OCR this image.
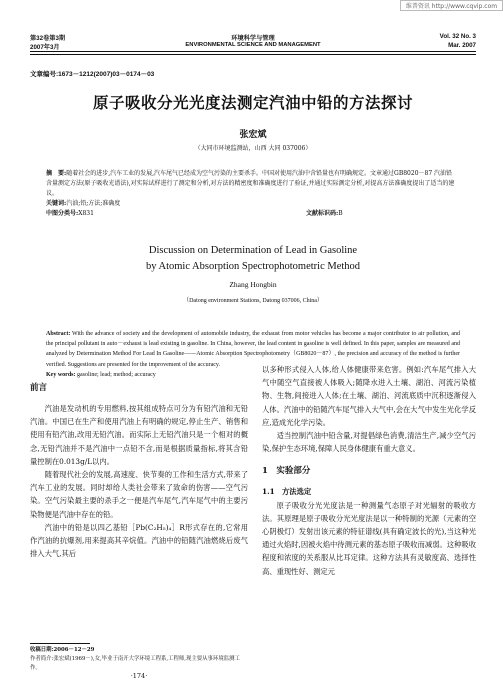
维普资讯 http://www.cqvip.com
第32卷第3期
2007年3月
环境科学与管理
ENVIRONMENTAL SCIENCE AND MANAGEMENT
Vol. 32 No. 3
Mar. 2007
文章编号:1673－1212(2007)03－0174－03
原子吸收分光光度法测定汽油中铅的方法探讨
张宏斌
（大同市环境监测站，山西 大同 037006）
摘　要:随着社会的进步,汽车工业的发展,汽车尾气已经成为空气污染的主要杀手。中国对使用汽油中含铅量也有明确规定。文章通过GB8020－87 汽油铅含量测定方法(原子吸收光谱法),对实际试样进行了测定和分析,对方法的精密度和准确度进行了验证,并通过实际测定分析,对提高方法准确度提出了适当的建议。
关键词:汽油;铅;方法;准确度
中图分类号:X831	文献标识码:B
Discussion on Determination of Lead in Gasoline
by Atomic Absorption Spectrophotometric Method
Zhang Hongbin
（Datong environment Stations, Datong 037006, China）
Abstract: With the advance of society and the development of automobile industry, the exhaust from motor vehicles has become a major contributor to air pollution, and the principal pollutant in auto－exhaust is lead existing in gasoline. In China, however, the lead content in gasoline is well defined. In this paper, samples are measured and analyzed by Determination Method For Lead In Gasoline——Atomic Absorption Spectrophotometry（GB8020－87）, the precision and accuracy of the method is further verified. Suggestions are presented for the improvement of the accuracy.
Key words: gasoline; lead; method; accuracy
前言

汽油是发动机的专用燃料,按其组成特点可分为有铅汽油和无铅汽油。中国已在生产和使用汽油上有明确的规定,停止生产、销售和使用有铅汽油,改用无铅汽油。而实际上无铅汽油只是一个相对的概念,无铅汽油并不是汽油中一点铅不含,而是根据质量指标,将其含铅量控制在0.013g/L以内。

随着现代社会的发展,高速度、快节奏的工作和生活方式,带来了汽车工业的发展。同时却给人类社会带来了致命的伤害——空气污染。空气污染最主要的杀手之一便是汽车尾气,汽车尾气中的主要污染物便是汽油中存在的铅。

汽油中的铅是以四乙基铅［Pb(C₂H₅)₄］R形式存在的,它常用作汽油的抗爆剂,用来提高其辛烷值。汽油中的铅随汽油燃烧后废气排入大气,其后

以多种形式侵入人体,给人体健康带来危害。例如:汽车尾气排入大气中随空气直接被人体吸入;随降水进入土壤、湖泊、河流污染植物、生物,间接进入人体;在土壤、湖泊、河流底质中沉积逐渐侵入人体。汽油中的铅随汽车尾气排入大气中,会在大气中发生光化学反应,造成光化学污染。

适当控制汽油中铅含量,对提倡绿色消费,清洁生产,减少空气污染,保护生态环境,保障人民身体健康有重大意义。

1　实验部分
1.1　方法选定

原子吸收分光光度法是一种测量气态原子对光辐射的吸收方法。其原理是原子吸收分光光度法是以一种特制的光源（元素的空心阴极灯）发射出该元素的特征谱线(具有确定波长的光),当这种光通过火焰时,因被火焰中待测元素的基态原子吸收而减弱。这种吸收程度和浓度的关系服从比耳定律。这种方法具有灵敏度高、选择性高、重现性好、测定元

收稿日期:2006－12－29
作者简介:张宏斌(1969－),女,毕业于南开大学环境工程系,工程师,现主要从事环境监测工作。
·174·
